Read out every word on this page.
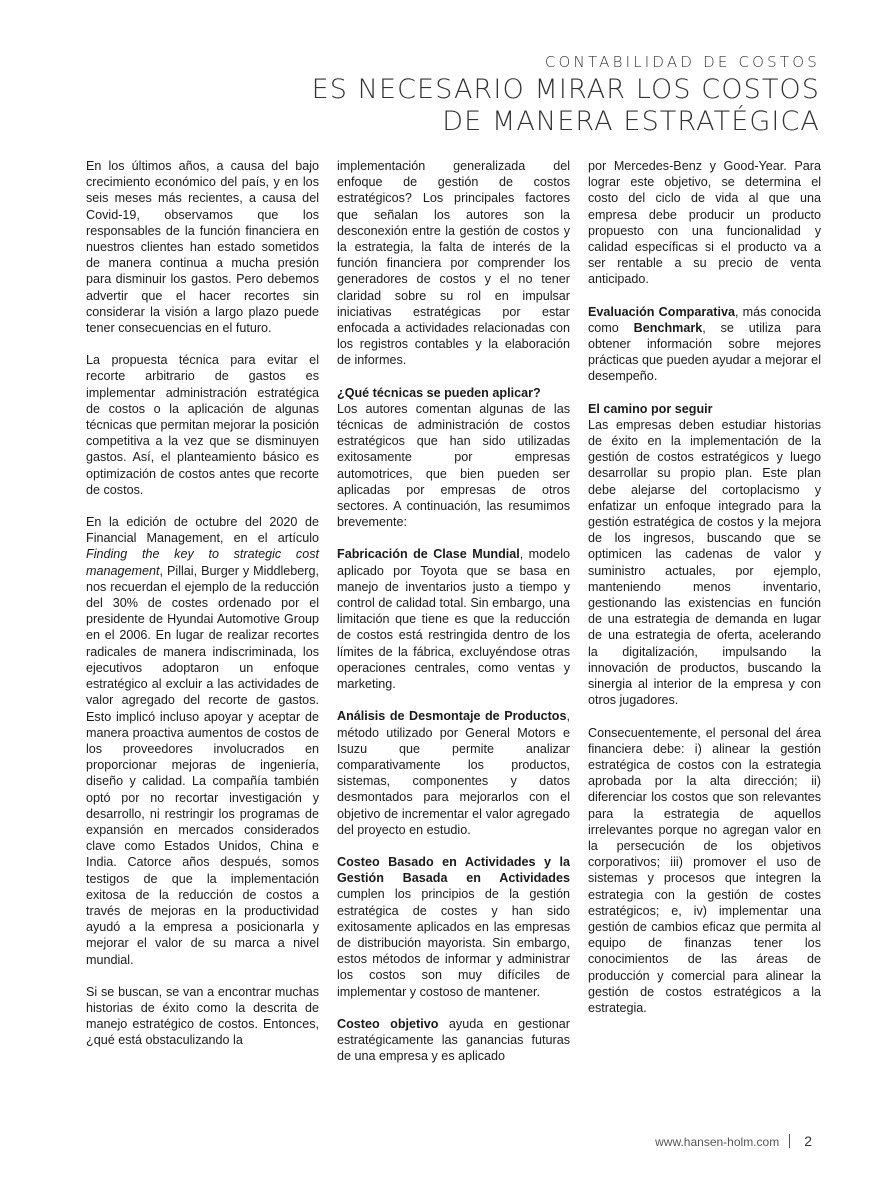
CONTABILIDAD DE COSTOS
ES NECESARIO MIRAR LOS COSTOS
DE MANERA ESTRATÉGICA

En los últimos años, a causa del bajo crecimiento económico del país, y en los seis meses más recientes, a causa del Covid-19, observamos que los responsables de la función financiera en nuestros clientes han estado sometidos de manera continua a mucha presión para disminuir los gastos. Pero debemos advertir que el hacer recortes sin considerar la visión a largo plazo puede tener consecuencias en el futuro.

La propuesta técnica para evitar el recorte arbitrario de gastos es implementar administración estratégica de costos o la aplicación de algunas técnicas que permitan mejorar la posición competitiva a la vez que se disminuyen gastos. Así, el planteamiento básico es optimización de costos antes que recorte de costos.

En la edición de octubre del 2020 de Financial Management, en el artículo Finding the key to strategic cost management, Pillai, Burger y Middleberg, nos recuerdan el ejemplo de la reducción del 30% de costes ordenado por el presidente de Hyundai Automotive Group en el 2006. En lugar de realizar recortes radicales de manera indiscriminada, los ejecutivos adoptaron un enfoque estratégico al excluir a las actividades de valor agregado del recorte de gastos. Esto implicó incluso apoyar y aceptar de manera proactiva aumentos de costos de los proveedores involucrados en proporcionar mejoras de ingeniería, diseño y calidad. La compañía también optó por no recortar investigación y desarrollo, ni restringir los programas de expansión en mercados considerados clave como Estados Unidos, China e India. Catorce años después, somos testigos de que la implementación exitosa de la reducción de costos a través de mejoras en la productividad ayudó a la empresa a posicionarla y mejorar el valor de su marca a nivel mundial.

Si se buscan, se van a encontrar muchas historias de éxito como la descrita de manejo estratégico de costos. Entonces, ¿qué está obstaculizando la

implementación generalizada del enfoque de gestión de costos estratégicos? Los principales factores que señalan los autores son la desconexión entre la gestión de costos y la estrategia, la falta de interés de la función financiera por comprender los generadores de costos y el no tener claridad sobre su rol en impulsar iniciativas estratégicas por estar enfocada a actividades relacionadas con los registros contables y la elaboración de informes.

¿Qué técnicas se pueden aplicar?
Los autores comentan algunas de las técnicas de administración de costos estratégicos que han sido utilizadas exitosamente por empresas automotrices, que bien pueden ser aplicadas por empresas de otros sectores. A continuación, las resumimos brevemente:

Fabricación de Clase Mundial, modelo aplicado por Toyota que se basa en manejo de inventarios justo a tiempo y control de calidad total. Sin embargo, una limitación que tiene es que la reducción de costos está restringida dentro de los límites de la fábrica, excluyéndose otras operaciones centrales, como ventas y marketing.

Análisis de Desmontaje de Productos, método utilizado por General Motors e Isuzu que permite analizar comparativamente los productos, sistemas, componentes y datos desmontados para mejorarlos con el objetivo de incrementar el valor agregado del proyecto en estudio.

Costeo Basado en Actividades y la Gestión Basada en Actividades cumplen los principios de la gestión estratégica de costes y han sido exitosamente aplicados en las empresas de distribución mayorista. Sin embargo, estos métodos de informar y administrar los costos son muy difíciles de implementar y costoso de mantener.

Costeo objetivo ayuda en gestionar estratégicamente las ganancias futuras de una empresa y es aplicado

por Mercedes-Benz y Good-Year. Para lograr este objetivo, se determina el costo del ciclo de vida al que una empresa debe producir un producto propuesto con una funcionalidad y calidad específicas si el producto va a ser rentable a su precio de venta anticipado.

Evaluación Comparativa, más conocida como Benchmark, se utiliza para obtener información sobre mejores prácticas que pueden ayudar a mejorar el desempeño.

El camino por seguir
Las empresas deben estudiar historias de éxito en la implementación de la gestión de costos estratégicos y luego desarrollar su propio plan. Este plan debe alejarse del cortoplacismo y enfatizar un enfoque integrado para la gestión estratégica de costos y la mejora de los ingresos, buscando que se optimicen las cadenas de valor y suministro actuales, por ejemplo, manteniendo menos inventario, gestionando las existencias en función de una estrategia de demanda en lugar de una estrategia de oferta, acelerando la digitalización, impulsando la innovación de productos, buscando la sinergia al interior de la empresa y con otros jugadores.

Consecuentemente, el personal del área financiera debe: i) alinear la gestión estratégica de costos con la estrategia aprobada por la alta dirección; ii) diferenciar los costos que son relevantes para la estrategia de aquellos irrelevantes porque no agregan valor en la persecución de los objetivos corporativos; iii) promover el uso de sistemas y procesos que integren la estrategia con la gestión de costes estratégicos; e, iv) implementar una gestión de cambios eficaz que permita al equipo de finanzas tener los conocimientos de las áreas de producción y comercial para alinear la gestión de costos estratégicos a la estrategia.

www.hansen-holm.com 2
